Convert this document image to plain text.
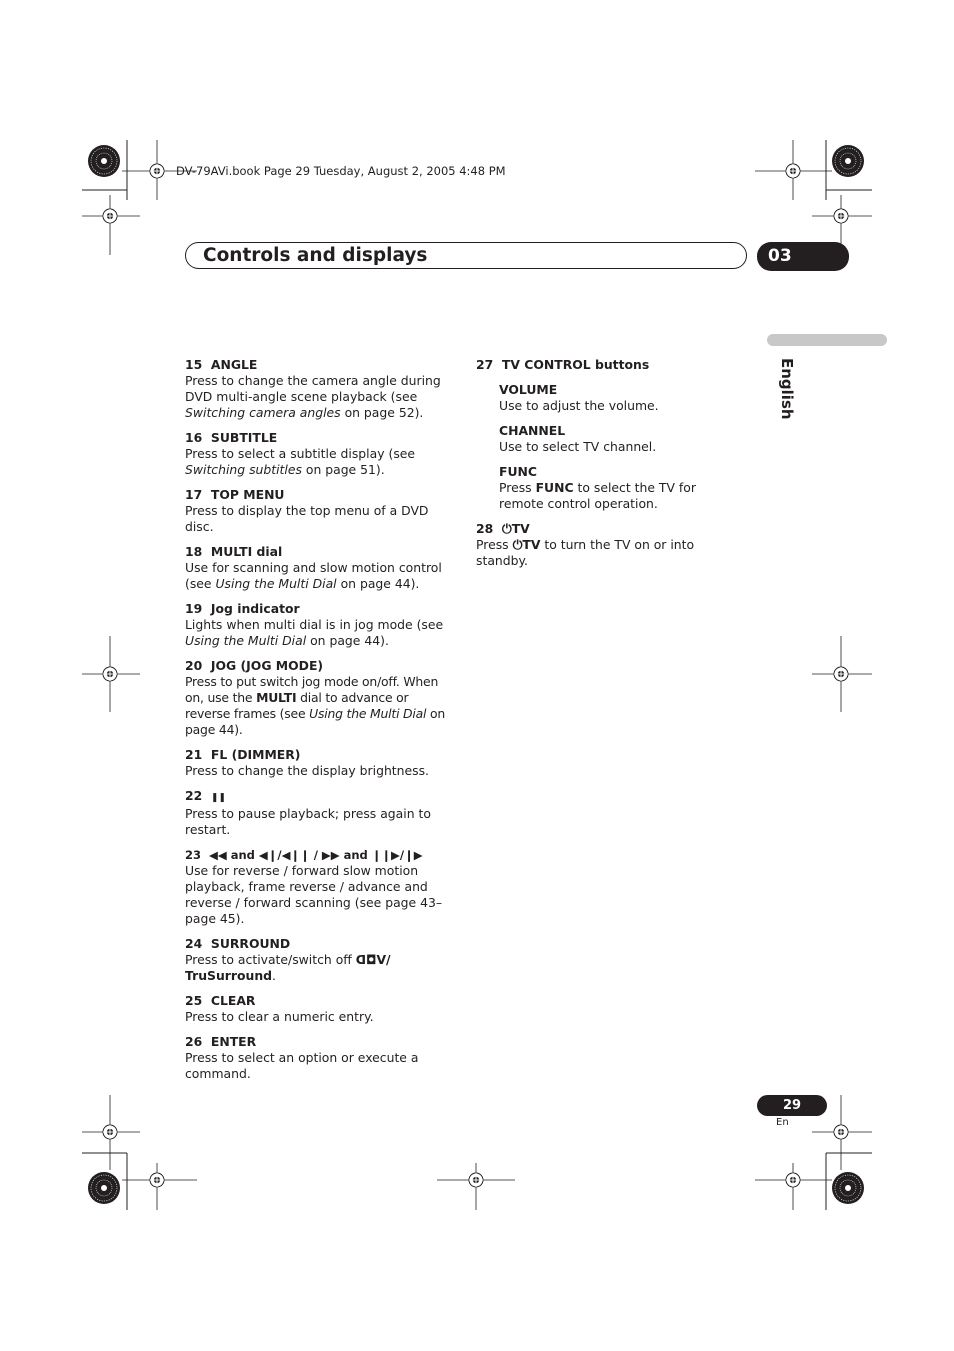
DV-79AVi.book Page 29 Tuesday, August 2, 2005 4:48 PM
Controls and displays	03
English
15 ANGLE
Press to change the camera angle during DVD multi-angle scene playback (see Switching camera angles on page 52).
16 SUBTITLE
Press to select a subtitle display (see Switching subtitles on page 51).
17 TOP MENU
Press to display the top menu of a DVD disc.
18 MULTI dial
Use for scanning and slow motion control (see Using the Multi Dial on page 44).
19 Jog indicator
Lights when multi dial is in jog mode (see Using the Multi Dial on page 44).
20 JOG (JOG MODE)
Press to put switch jog mode on/off. When on, use the MULTI dial to advance or reverse frames (see Using the Multi Dial on page 44).
21 FL (DIMMER)
Press to change the display brightness.
22 ❚❚
Press to pause playback; press again to restart.
23 ◀◀ and ◀❙/◀❙❙ / ▶▶ and ❙❙▶/❙▶
Use for reverse / forward slow motion playback, frame reverse / advance and reverse / forward scanning (see page 43–page 45).
24 SURROUND
Press to activate/switch off ᗡ◘V/ TruSurround.
25 CLEAR
Press to clear a numeric entry.
26 ENTER
Press to select an option or execute a command.
27 TV CONTROL buttons
VOLUME
Use to adjust the volume.
CHANNEL
Use to select TV channel.
FUNC
Press FUNC to select the TV for remote control operation.
28 ⏻TV
Press ⏻TV to turn the TV on or into standby.
29
En
